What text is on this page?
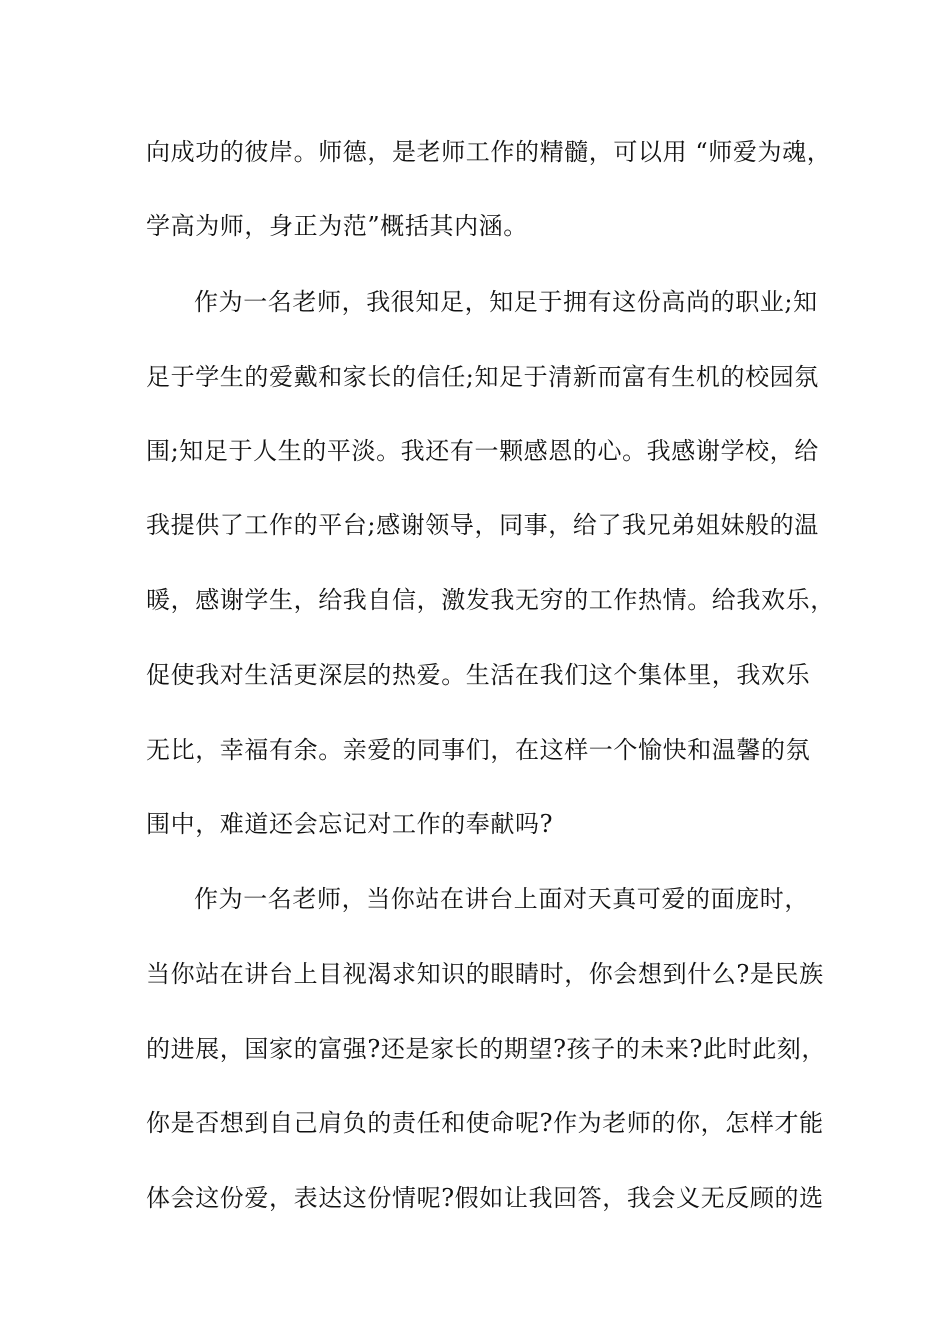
向成功的彼岸。师德，是老师工作的精髓，可以用 “师爱为魂，
学高为师，身正为范”概括其内涵。
作为一名老师，我很知足，知足于拥有这份高尚的职业;知
足于学生的爱戴和家长的信任;知足于清新而富有生机的校园氛
围;知足于人生的平淡。我还有一颗感恩的心。我感谢学校，给
我提供了工作的平台;感谢领导，同事，给了我兄弟姐妹般的温
暖，感谢学生，给我自信，激发我无穷的工作热情。给我欢乐，
促使我对生活更深层的热爱。生活在我们这个集体里，我欢乐
无比，幸福有余。亲爱的同事们，在这样一个愉快和温馨的氛
围中，难道还会忘记对工作的奉献吗?
作为一名老师，当你站在讲台上面对天真可爱的面庞时，
当你站在讲台上目视渴求知识的眼睛时，你会想到什么?是民族
的进展，国家的富强?还是家长的期望?孩子的未来?此时此刻，
你是否想到自己肩负的责任和使命呢?作为老师的你，怎样才能
体会这份爱，表达这份情呢?假如让我回答，我会义无反顾的选
